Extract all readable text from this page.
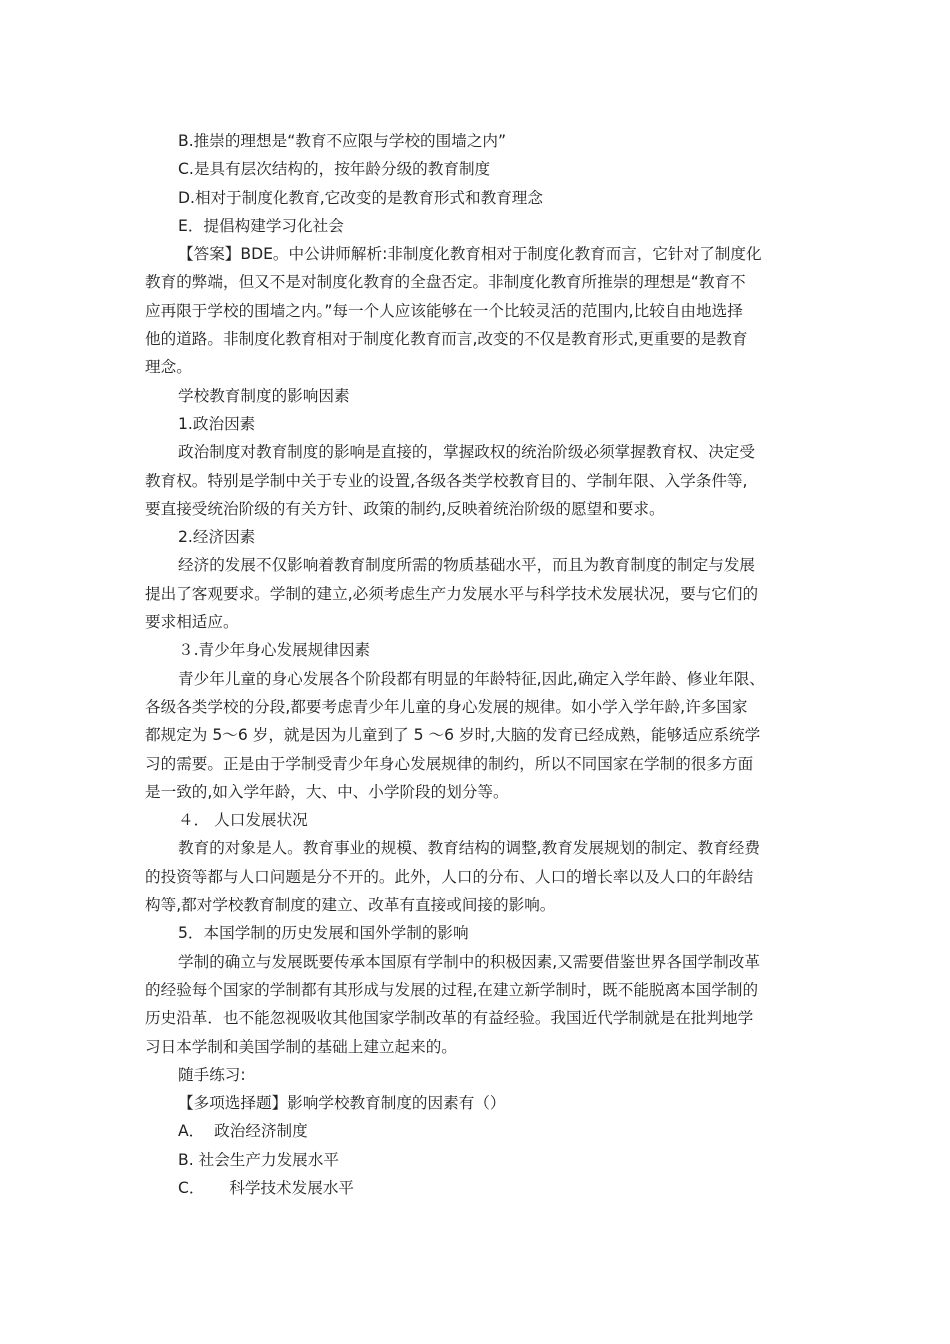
B.推崇的理想是“教育不应限与学校的围墙之内”
C.是具有层次结构的，按年龄分级的教育制度
D.相对于制度化教育,它改变的是教育形式和教育理念
E．提倡构建学习化社会
【答案】BDE。中公讲师解析:非制度化教育相对于制度化教育而言，它针对了制度化
教育的弊端，但又不是对制度化教育的全盘否定。非制度化教育所推崇的理想是“教育不
应再限于学校的围墙之内。”每一个人应该能够在一个比较灵活的范围内,比较自由地选择
他的道路。非制度化教育相对于制度化教育而言,改变的不仅是教育形式,更重要的是教育
理念。
学校教育制度的影响因素
1.政治因素
政治制度对教育制度的影响是直接的，掌握政权的统治阶级必须掌握教育权、决定受
教育权。特别是学制中关于专业的设置,各级各类学校教育目的、学制年限、入学条件等,
要直接受统治阶级的有关方针、政策的制约,反映着统治阶级的愿望和要求。
2.经济因素
经济的发展不仅影响着教育制度所需的物质基础水平，而且为教育制度的制定与发展
提出了客观要求。学制的建立,必须考虑生产力发展水平与科学技术发展状况，要与它们的
要求相适应。
３.青少年身心发展规律因素
青少年儿童的身心发展各个阶段都有明显的年龄特征,因此,确定入学年龄、修业年限、
各级各类学校的分段,都要考虑青少年儿童的身心发展的规律。如小学入学年龄,许多国家
都规定为 5～6 岁，就是因为儿童到了 5 ～6 岁时,大脑的发育已经成熟，能够适应系统学
习的需要。正是由于学制受青少年身心发展规律的制约，所以不同国家在学制的很多方面
是一致的,如入学年龄，大、中、小学阶段的划分等。
４． 人口发展状况
教育的对象是人。教育事业的规模、教育结构的调整,教育发展规划的制定、教育经费
的投资等都与人口问题是分不开的。此外，人口的分布、人口的增长率以及人口的年龄结
构等,都对学校教育制度的建立、改革有直接或间接的影响。
5．本国学制的历史发展和国外学制的影响
学制的确立与发展既要传承本国原有学制中的积极因素,又需要借鉴世界各国学制改革
的经验每个国家的学制都有其形成与发展的过程,在建立新学制时，既不能脱离本国学制的
历史沿革．也不能忽视吸收其他国家学制改革的有益经验。我国近代学制就是在批判地学
习日本学制和美国学制的基础上建立起来的。
随手练习:
【多项选择题】影响学校教育制度的因素有（）
A．  政治经济制度
B. 社会生产力发展水平
C．     科学技术发展水平
